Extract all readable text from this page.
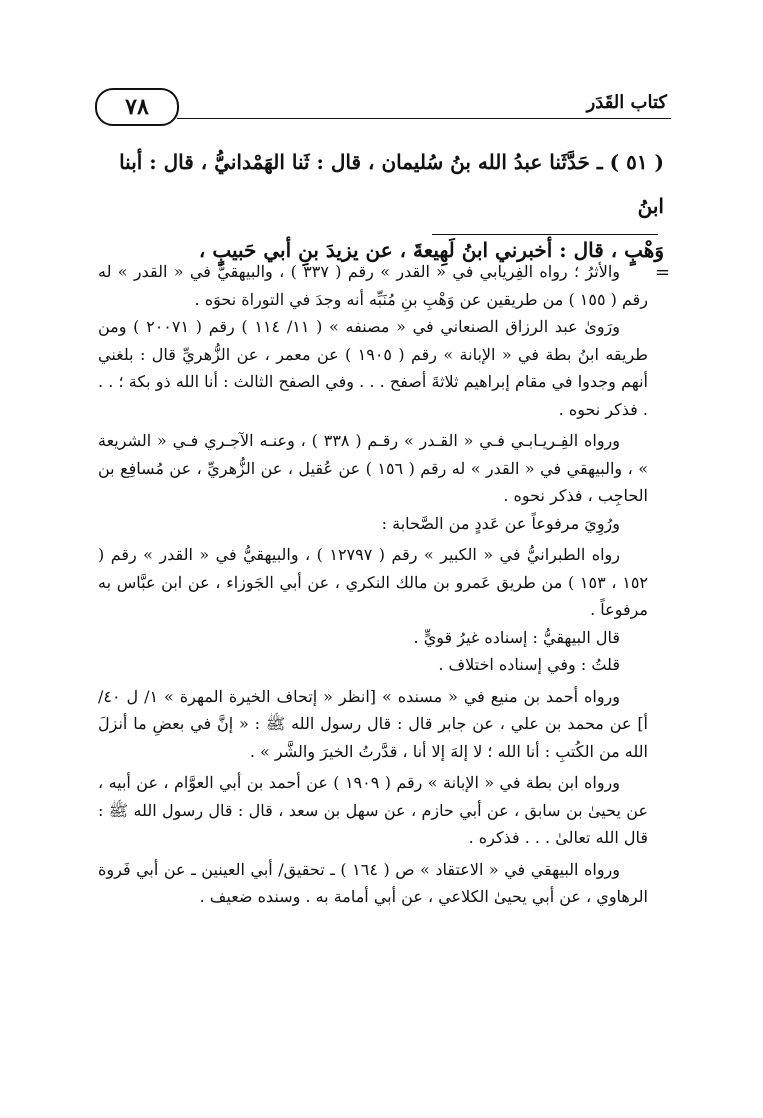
٧٨	كتاب القَدَر

( ٥١ ) ـ حَدَّثَنا عبدُ الله بنُ سُليمان ، قال : ثَنا الهَمْدانيُّ ، قال : أبنا ابنُ

وَهْبٍ ، قال : أخبرني ابنُ لَهِيعةَ ، عن يزيدَ بنِ أبي حَبيبٍ ،

=

والأثرُ ؛ رواه الفِريابي في « القدر » رقم ( ٣٣٧ ) ، والبيهقيُّ في « القدر » له رقم ( ١٥٥ ) من طريقين عن وَهْبِ بنِ مُنَبِّه أنه وجدَ في التوراة نحوَه .

ورَوىٰ عبد الرزاق الصنعاني في « مصنفه » ( ١١/ ١١٤ ) رقم ( ٢٠٠٧١ ) ومن طريقه ابنُ بطة في « الإبانة » رقم ( ١٩٠٥ ) عن معمر ، عن الزُّهريِّ قال : بلغني أنهم وجدوا في مقام إبراهيم ثلاثةَ أصفح . . . وفي الصفح الثالث : أنا الله ذو بكة ؛ . . . فذكر نحوه .

ورواه الفِـريـابـي فـي « القـدر » رقـم ( ٣٣٨ ) ، وعنـه الآجـري فـي « الشريعة » ، والبيهقي في « القدر » له رقم ( ١٥٦ ) عن عُقيل ، عن الزُّهريِّ ، عن مُسافِع بن الحاجِب ، فذكر نحوه .

ورُوِيَ مرفوعاً عن عَددٍ من الصَّحابة :

رواه الطبرانيُّ في « الكبير » رقم ( ١٢٧٩٧ ) ، والبيهقيُّ في « القدر » رقم ( ١٥٢ ، ١٥٣ ) من طريق عَمرو بن مالك النكري ، عن أبي الجَوزاء ، عن ابن عبَّاس به مرفوعاً .

قال البيهقيُّ : إسناده غيرُ قويٍّ .

قلتُ : وفي إسناده اختلاف .

ورواه أحمد بن منيع في « مسنده » [انظر « إتحاف الخيرة المهرة » ١/ ل ٤٠/ أ] عن محمد بن علي ، عن جابر قال : قال رسول الله ﷺ : « إنَّ في بعضِ ما أنزلَ الله من الكُتبِ : أنا الله ؛ لا إلهَ إلا أنا ، قدَّرتُ الخيرَ والشَّر » .

ورواه ابن بطة في « الإبانة » رقم ( ١٩٠٩ ) عن أحمد بن أبي العوَّام ، عن أبيه ، عن يحيىٰ بن سابق ، عن أبي حازم ، عن سهل بن سعد ، قال : قال رسول الله ﷺ : قال الله تعالىٰ . . . فذكره .

ورواه البيهقي في « الاعتقاد » ص ( ١٦٤ ) ـ تحقيق/ أبي العينين ـ عن أبي فَروة الرهاوي ، عن أبي يحيىٰ الكلاعي ، عن أبي أمامة به . وسنده ضعيف .
